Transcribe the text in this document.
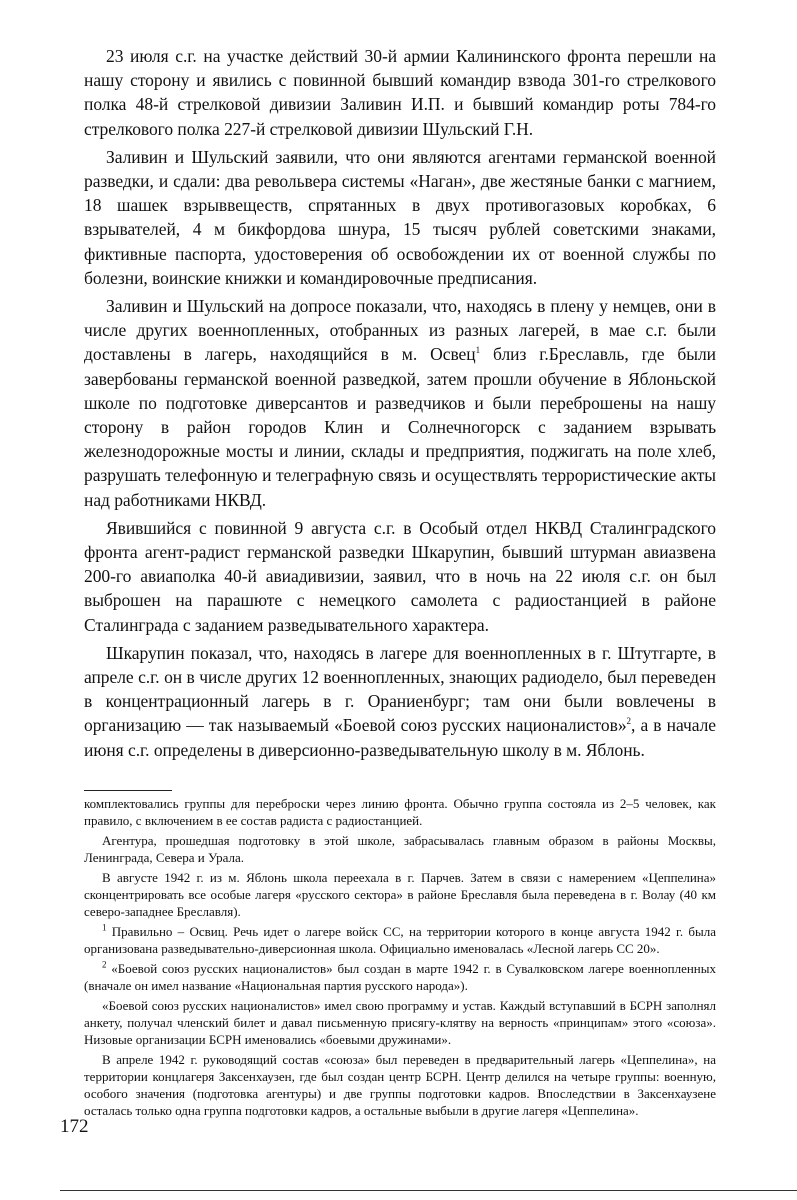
23 июля с.г. на участке действий 30-й армии Калининского фронта перешли на нашу сторону и явились с повинной бывший командир взвода 301-го стрелкового полка 48-й стрелковой дивизии Заливин И.П. и бывший командир роты 784-го стрелкового полка 227-й стрелковой дивизии Шульский Г.Н.

Заливин и Шульский заявили, что они являются агентами германской военной разведки, и сдали: два револьвера системы «Наган», две жестяные банки с магнием, 18 шашек взрыввеществ, спрятанных в двух противогазовых коробках, 6 взрывателей, 4 м бикфордова шнура, 15 тысяч рублей советскими знаками, фиктивные паспорта, удостоверения об освобождении их от военной службы по болезни, воинские книжки и командировочные предписания.

Заливин и Шульский на допросе показали, что, находясь в плену у немцев, они в числе других военнопленных, отобранных из разных лагерей, в мае с.г. были доставлены в лагерь, находящийся в м. Освец$^1$ близ г.Бреславль, где были завербованы германской военной разведкой, затем прошли обучение в Яблоньской школе по подготовке диверсантов и разведчиков и были переброшены на нашу сторону в район городов Клин и Солнечногорск с заданием взрывать железнодорожные мосты и линии, склады и предприятия, поджигать на поле хлеб, разрушать телефонную и телеграфную связь и осуществлять террористические акты над работниками НКВД.

Явившийся с повинной 9 августа с.г. в Особый отдел НКВД Сталинградского фронта агент-радист германской разведки Шкарупин, бывший штурман авиазвена 200-го авиаполка 40-й авиадивизии, заявил, что в ночь на 22 июля с.г. он был выброшен на парашюте с немецкого самолета с радиостанцией в районе Сталинграда с заданием разведывательного характера.

Шкарупин показал, что, находясь в лагере для военнопленных в г. Штутгарте, в апреле с.г. он в числе других 12 военнопленных, знающих радиодело, был переведен в концентрационный лагерь в г. Ораниенбург; там они были вовлечены в организацию — так называемый «Боевой союз русских националистов»$^2$, а в начале июня с.г. определены в диверсионно-разведывательную школу в м. Яблонь.

комплектовались группы для переброски через линию фронта. Обычно группа состояла из 2–5 человек, как правило, с включением в ее состав радиста с радиостанцией.

Агентура, прошедшая подготовку в этой школе, забрасывалась главным образом в районы Москвы, Ленинграда, Севера и Урала.

В августе 1942 г. из м. Яблонь школа переехала в г. Парчев. Затем в связи с намерением «Цеппелина» сконцентрировать все особые лагеря «русского сектора» в районе Бреславля была переведена в г. Волау (40 км северо-западнее Бреславля).

$^1$ Правильно – Освиц. Речь идет о лагере войск СС, на территории которого в конце августа 1942 г. была организована разведывательно-диверсионная школа. Официально именовалась «Лесной лагерь СС 20».

$^2$ «Боевой союз русских националистов» был создан в марте 1942 г. в Сувалковском лагере военнопленных (вначале он имел название «Национальная партия русского народа»).

«Боевой союз русских националистов» имел свою программу и устав. Каждый вступавший в БСРН заполнял анкету, получал членский билет и давал письменную присягу-клятву на верность «принципам» этого «союза». Низовые организации БСРН именовались «боевыми дружинами».

В апреле 1942 г. руководящий состав «союза» был переведен в предварительный лагерь «Цеппелина», на территории концлагеря Заксенхаузен, где был создан центр БСРН. Центр делился на четыре группы: военную, особого значения (подготовка агентуры) и две группы подготовки кадров. Впоследствии в Заксенхаузене осталась только одна группа подготовки кадров, а остальные выбыли в другие лагеря «Цеппелина».

172
